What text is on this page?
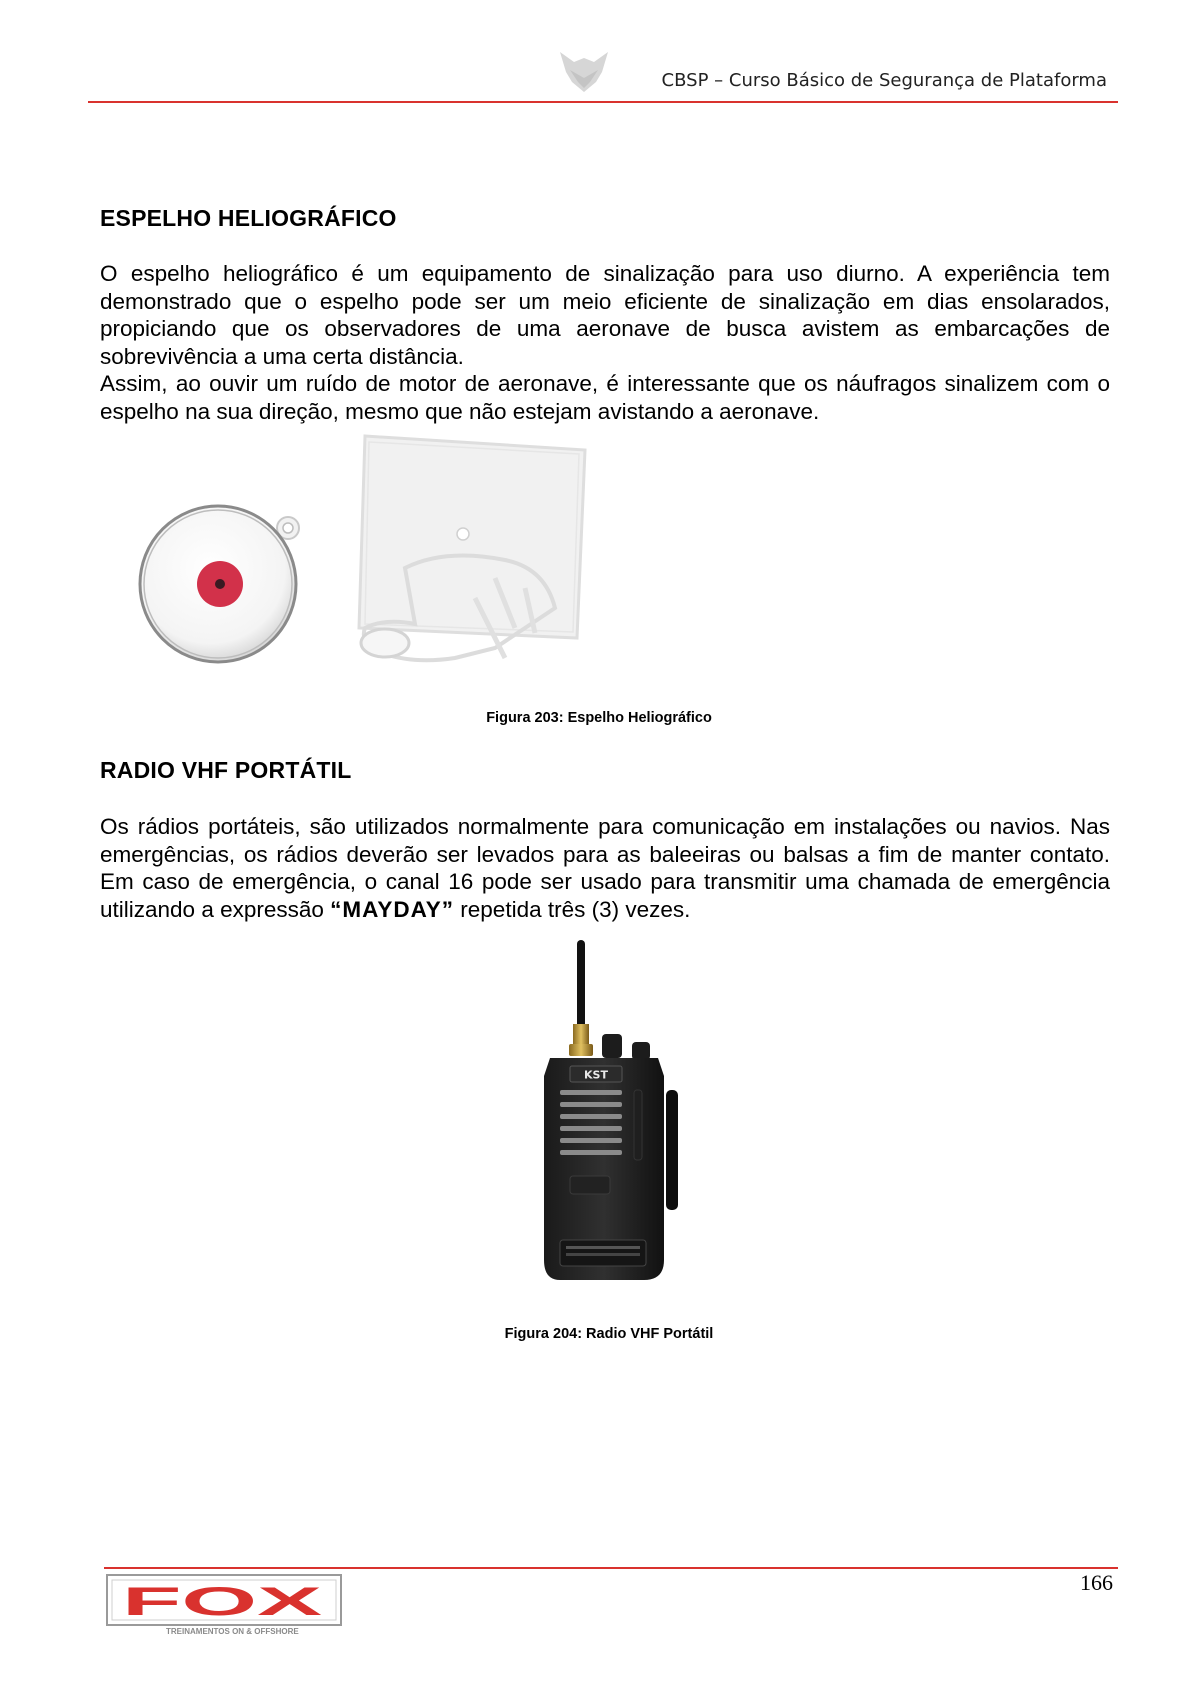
CBSP – Curso Básico de Segurança de Plataforma
ESPELHO HELIOGRÁFICO

O espelho heliográfico é um equipamento de sinalização para uso diurno. A experiência tem demonstrado que o espelho pode ser um meio eficiente de sinalização em dias ensolarados, propiciando que os observadores de uma aeronave de busca avistem as embarcações de sobrevivência a uma certa distância.

Assim, ao ouvir um ruído de motor de aeronave, é interessante que os náufragos sinalizem com o espelho na sua direção, mesmo que não estejam avistando a aeronave.

Figura 203: Espelho Heliográfico
RADIO VHF PORTÁTIL

Os rádios portáteis, são utilizados normalmente para comunicação em instalações ou navios. Nas emergências, os rádios deverão ser levados para as baleeiras ou balsas a fim de manter contato. Em caso de emergência, o canal 16 pode ser usado para transmitir uma chamada de emergência utilizando a expressão “MAYDAY” repetida três (3) vezes.

KST
Figura 204: Radio VHF Portátil
166
FOX
TREINAMENTOS ON & OFFSHORE
